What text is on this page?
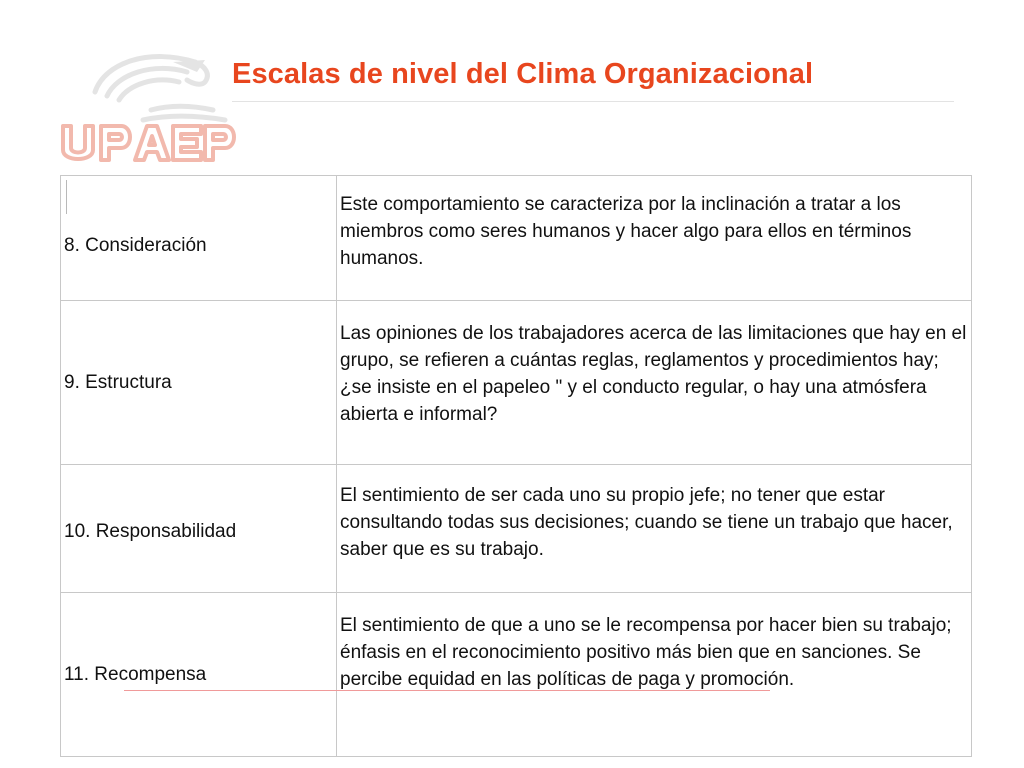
Escalas de nivel del Clima Organizacional
8. Consideración	Este comportamiento se caracteriza por la inclinación a tratar a los miembros como seres humanos y hacer algo para ellos en términos humanos.

9. Estructura	Las opiniones de los trabajadores acerca de las limitaciones que hay en el grupo, se refieren a cuántas reglas, reglamentos y procedimientos hay; ¿se insiste en el papeleo " y el conducto regular, o hay una atmósfera abierta e informal?

10. Responsabilidad	El sentimiento de ser cada uno su propio jefe; no tener que estar consultando todas sus decisiones; cuando se tiene un trabajo que hacer, saber que es su trabajo.

11. Recompensa	El sentimiento de que a uno se le recompensa por hacer bien su trabajo; énfasis en el reconocimiento positivo más bien que en sanciones. Se percibe equidad en las políticas de paga y promoción.
